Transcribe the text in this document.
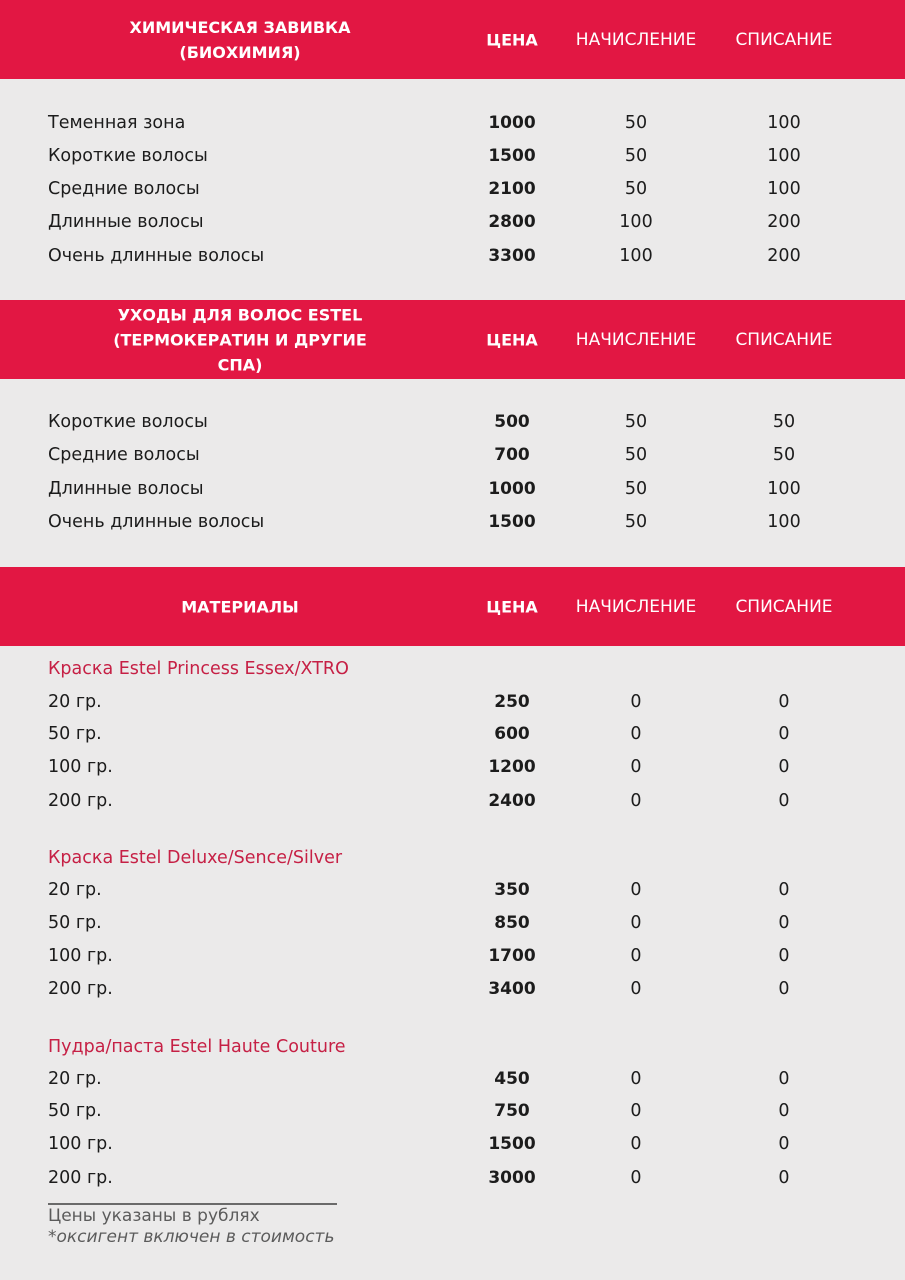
ХИМИЧЕСКАЯ ЗАВИВКА
(БИОХИМИЯ)
ЦЕНА НАЧИСЛЕНИЕ СПИСАНИЕ
Теменная зона	1000	50	100
Короткие волосы	1500	50	100
Средние волосы	2100	50	100
Длинные волосы	2800	100	200
Очень длинные волосы	3300	100	200
УХОДЫ ДЛЯ ВОЛОС ESTEL
(ТЕРМОКЕРАТИН И ДРУГИЕ СПА)
ЦЕНА НАЧИСЛЕНИЕ СПИСАНИЕ
Короткие волосы	500	50	50
Средние волосы	700	50	50
Длинные волосы	1000	50	100
Очень длинные волосы	1500	50	100
МАТЕРИАЛЫ	ЦЕНА НАЧИСЛЕНИЕ СПИСАНИЕ
Краска Estel Princess Essex/XTRO
20 гр.	250	0	0
50 гр.	600	0	0
100 гр.	1200	0	0
200 гр.	2400	0	0
Краска Estel Deluxe/Sence/Silver
20 гр.	350	0	0
50 гр.	850	0	0
100 гр.	1700	0	0
200 гр.	3400	0	0
Пудра/паста Estel Haute Couture
20 гр.	450	0	0
50 гр.	750	0	0
100 гр.	1500	0	0
200 гр.	3000	0	0
Цены указаны в рублях
*оксигент включен в стоимость
